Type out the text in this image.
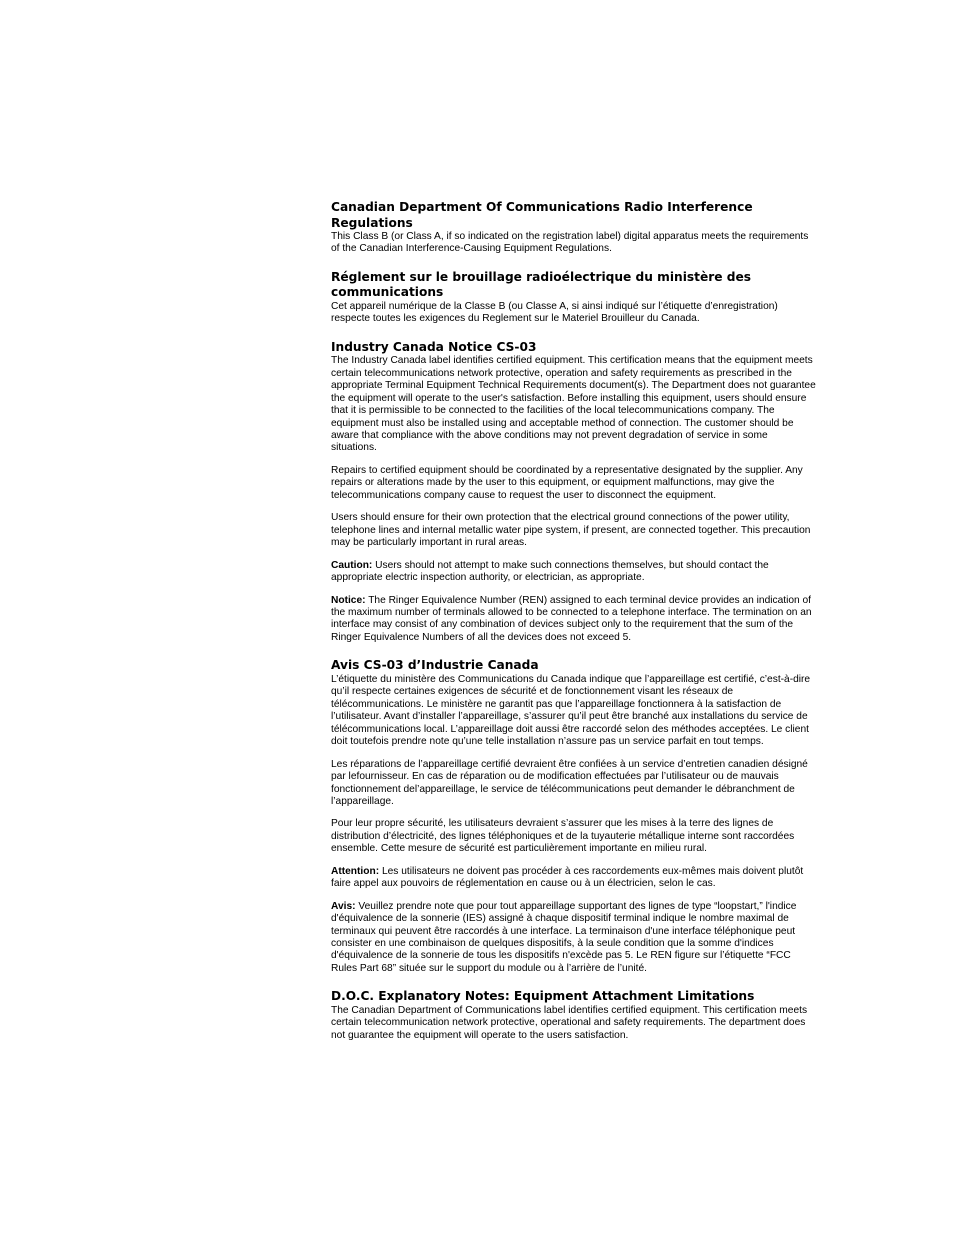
Canadian Department Of Communications Radio Interference Regulations

This Class B (or Class A, if so indicated on the registration label) digital apparatus meets the requirements of the Canadian Interference-Causing Equipment Regulations.

Réglement sur le brouillage radioélectrique du ministère des communications

Cet appareil numérique de la Classe B (ou Classe A, si ainsi indiqué sur l’étiquette d’enregistration) respecte toutes les exigences du Reglement sur le Materiel Brouilleur du Canada.

Industry Canada Notice CS-03

The Industry Canada label identifies certified equipment. This certification means that the equipment meets certain telecommunications network protective, operation and safety requirements as prescribed in the appropriate Terminal Equipment Technical Requirements document(s). The Department does not guarantee the equipment will operate to the user's satisfaction. Before installing this equipment, users should ensure that it is permissible to be connected to the facilities of the local telecommunications company. The equipment must also be installed using and acceptable method of connection. The customer should be aware that compliance with the above conditions may not prevent degradation of service in some situations.

Repairs to certified equipment should be coordinated by a representative designated by the supplier. Any repairs or alterations made by the user to this equipment, or equipment malfunctions, may give the telecommunications company cause to request the user to disconnect the equipment.

Users should ensure for their own protection that the electrical ground connections of the power utility, telephone lines and internal metallic water pipe system, if present, are connected together. This precaution may be particularly important in rural areas.

Caution: Users should not attempt to make such connections themselves, but should contact the appropriate electric inspection authority, or electrician, as appropriate.

Notice: The Ringer Equivalence Number (REN) assigned to each terminal device provides an indication of the maximum number of terminals allowed to be connected to a telephone interface. The termination on an interface may consist of any combination of devices subject only to the requirement that the sum of the Ringer Equivalence Numbers of all the devices does not exceed 5.

Avis CS-03 d’Industrie Canada

L’étiquette du ministère des Communications du Canada indique que l’appareillage est certifié, c’est-à-dire qu’il respecte certaines exigences de sécurité et de fonctionnement visant les réseaux de télécommunications. Le ministère ne garantit pas que l’appareillage fonctionnera à la satisfaction de l’utilisateur. Avant d’installer l’appareillage, s’assurer qu’il peut être branché aux installations du service de télécommunications local. L’appareillage doit aussi être raccordé selon des méthodes acceptées. Le client doit toutefois prendre note qu’une telle installation n’assure pas un service parfait en tout temps.

Les réparations de l’appareillage certifié devraient être confiées à un service d’entretien canadien désigné par lefournisseur. En cas de réparation ou de modification effectuées par l’utilisateur ou de mauvais fonctionnement del’appareillage, le service de télécommunications peut demander le débranchment de l’appareillage.

Pour leur propre sécurité, les utilisateurs devraient s’assurer que les mises à la terre des lignes de distribution d’électricité, des lignes téléphoniques et de la tuyauterie métallique interne sont raccordées ensemble. Cette mesure de sécurité est particulièrement importante en milieu rural.

Attention: Les utilisateurs ne doivent pas procéder à ces raccordements eux-mêmes mais doivent plutôt faire appel aux pouvoirs de réglementation en cause ou à un électricien, selon le cas.

Avis: Veuillez prendre note que pour tout appareillage supportant des lignes de type “loopstart,” l'indice d'équivalence de la sonnerie (IES) assigné à chaque dispositif terminal indique le nombre maximal de terminaux qui peuvent être raccordés à une interface. La terminaison d'une interface téléphonique peut consister en une combinaison de quelques dispositifs, à la seule condition que la somme d'indices d'équivalence de la sonnerie de tous les dispositifs n'excède pas 5. Le REN figure sur l’étiquette “FCC Rules Part 68” située sur le support du module ou à l’arrière de l’unité.

D.O.C. Explanatory Notes: Equipment Attachment Limitations

The Canadian Department of Communications label identifies certified equipment. This certification meets certain telecommunication network protective, operational and safety requirements. The department does not guarantee the equipment will operate to the users satisfaction.
